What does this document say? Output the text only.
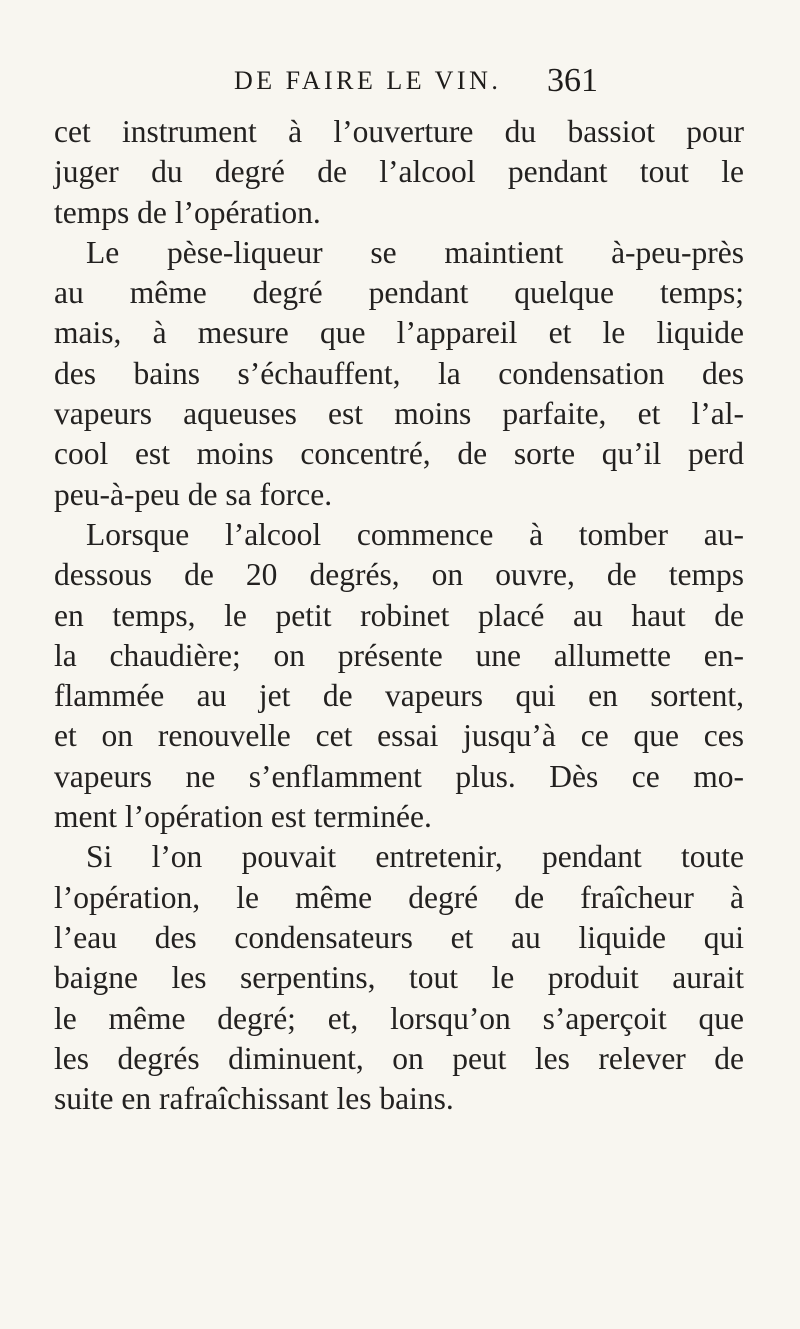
DE FAIRE LE VIN. 361
cet instrument à l’ouverture du bassiot pour
juger du degré de l’alcool pendant tout le
temps de l’opération.
Le pèse-liqueur se maintient à-peu-près
au même degré pendant quelque temps;
mais, à mesure que l’appareil et le liquide
des bains s’échauffent, la condensation des
vapeurs aqueuses est moins parfaite, et l’al-
cool est moins concentré, de sorte qu’il perd
peu-à-peu de sa force.
Lorsque l’alcool commence à tomber au-
dessous de 20 degrés, on ouvre, de temps
en temps, le petit robinet placé au haut de
la chaudière; on présente une allumette en-
flammée au jet de vapeurs qui en sortent,
et on renouvelle cet essai jusqu’à ce que ces
vapeurs ne s’enflamment plus. Dès ce mo-
ment l’opération est terminée.
Si l’on pouvait entretenir, pendant toute
l’opération, le même degré de fraîcheur à
l’eau des condensateurs et au liquide qui
baigne les serpentins, tout le produit aurait
le même degré; et, lorsqu’on s’aperçoit que
les degrés diminuent, on peut les relever de
suite en rafraîchissant les bains.
